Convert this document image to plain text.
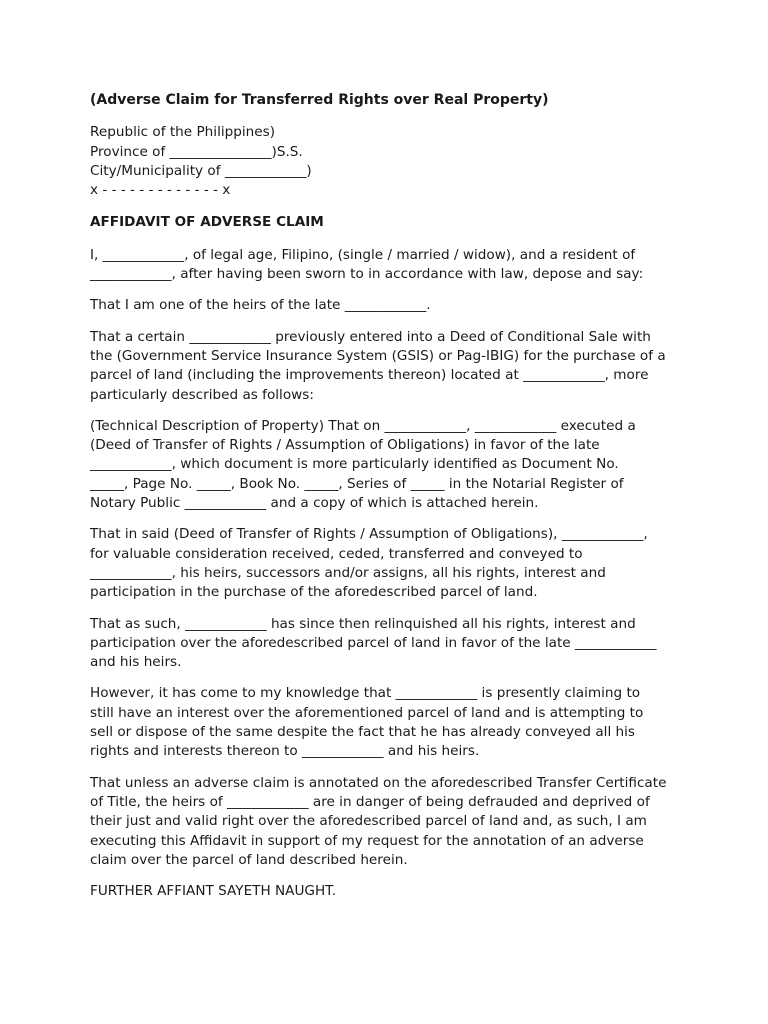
(Adverse Claim for Transferred Rights over Real Property)
Republic of the Philippines)
Province of _______________)S.S.
City/Municipality of ____________)
x - - - - - - - - - - - - - x
AFFIDAVIT OF ADVERSE CLAIM
I, ____________, of legal age, Filipino, (single / married / widow), and a resident of
____________, after having been sworn to in accordance with law, depose and say:
That I am one of the heirs of the late ____________.
That a certain ____________ previously entered into a Deed of Conditional Sale with
the (Government Service Insurance System (GSIS) or Pag-IBIG) for the purchase of a
parcel of land (including the improvements thereon) located at ____________, more
particularly described as follows:
(Technical Description of Property) That on ____________, ____________ executed a
(Deed of Transfer of Rights / Assumption of Obligations) in favor of the late
____________, which document is more particularly identified as Document No.
_____, Page No. _____, Book No. _____, Series of _____ in the Notarial Register of
Notary Public ____________ and a copy of which is attached herein.
That in said (Deed of Transfer of Rights / Assumption of Obligations), ____________,
for valuable consideration received, ceded, transferred and conveyed to
____________, his heirs, successors and/or assigns, all his rights, interest and
participation in the purchase of the aforedescribed parcel of land.
That as such, ____________ has since then relinquished all his rights, interest and
participation over the aforedescribed parcel of land in favor of the late ____________
and his heirs.
However, it has come to my knowledge that ____________ is presently claiming to
still have an interest over the aforementioned parcel of land and is attempting to
sell or dispose of the same despite the fact that he has already conveyed all his
rights and interests thereon to ____________ and his heirs.
That unless an adverse claim is annotated on the aforedescribed Transfer Certificate
of Title, the heirs of ____________ are in danger of being defrauded and deprived of
their just and valid right over the aforedescribed parcel of land and, as such, I am
executing this Affidavit in support of my request for the annotation of an adverse
claim over the parcel of land described herein.
FURTHER AFFIANT SAYETH NAUGHT.
